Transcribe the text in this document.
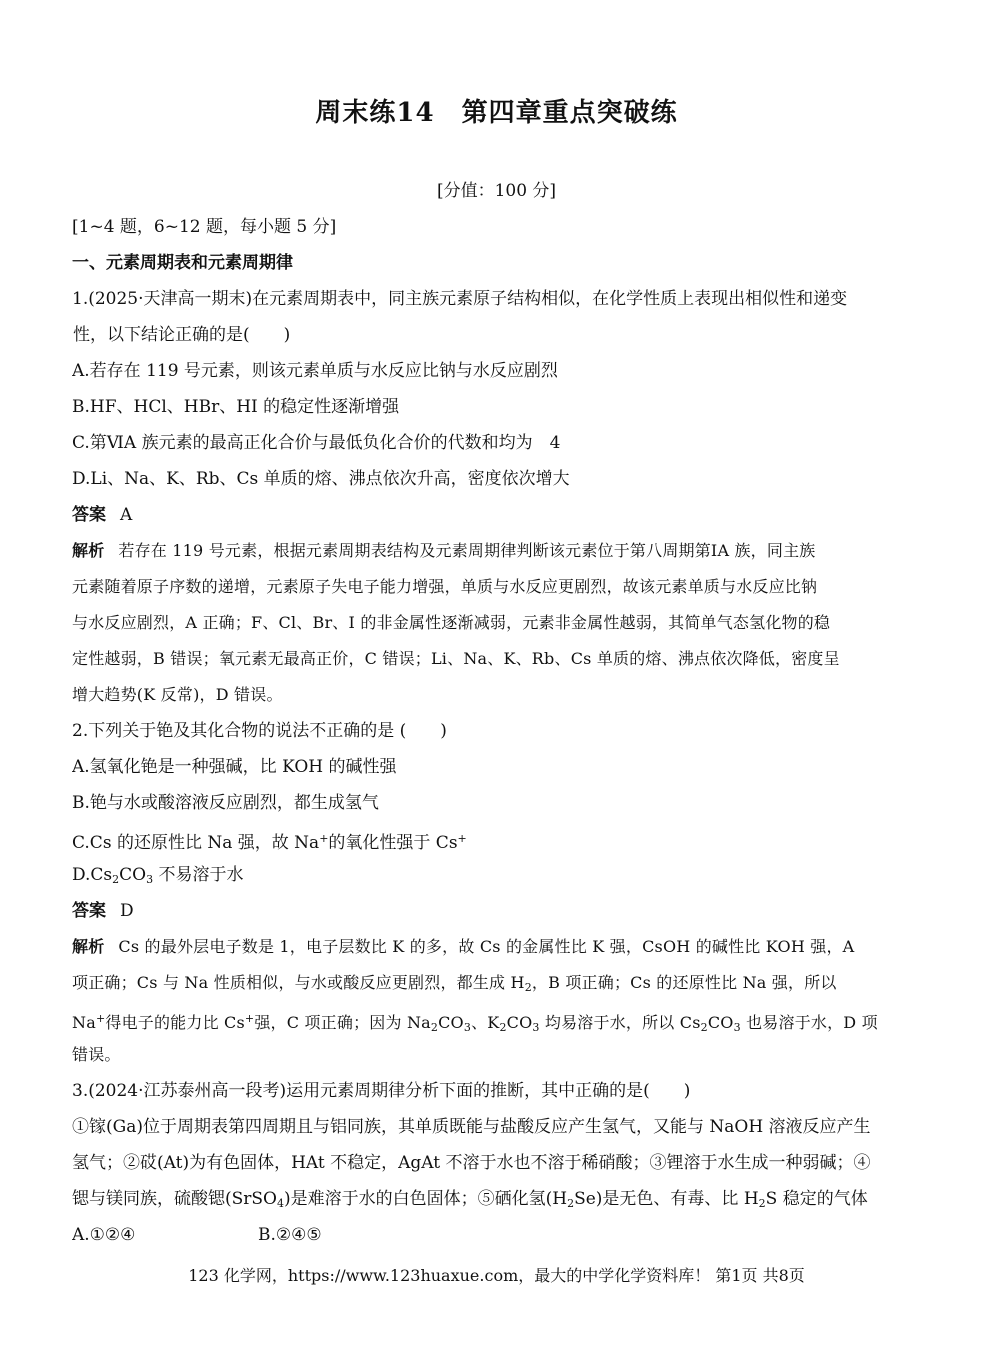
周末练14　第四章重点突破练
[分值：100 分]
[1~4 题，6~12 题，每小题 5 分]
一、元素周期表和元素周期律
1.(2025·天津高一期末)在元素周期表中，同主族元素原子结构相似，在化学性质上表现出相似性和递变
性，以下结论正确的是(　　)
A.若存在 119 号元素，则该元素单质与水反应比钠与水反应剧烈
B.HF、HCl、HBr、HI 的稳定性逐渐增强
C.第ⅥA 族元素的最高正化合价与最低负化合价的代数和均为　4
D.Li、Na、K、Rb、Cs 单质的熔、沸点依次升高，密度依次增大
答案 A
解析 若存在 119 号元素，根据元素周期表结构及元素周期律判断该元素位于第八周期第ⅠA 族，同主族
元素随着原子序数的递增，元素原子失电子能力增强，单质与水反应更剧烈，故该元素单质与水反应比钠
与水反应剧烈，A 正确；F、Cl、Br、I 的非金属性逐渐减弱，元素非金属性越弱，其简单气态氢化物的稳
定性越弱，B 错误；氧元素无最高正价，C 错误；Li、Na、K、Rb、Cs 单质的熔、沸点依次降低，密度呈
增大趋势(K 反常)，D 错误。
2.下列关于铯及其化合物的说法不正确的是 (　　)
A.氢氧化铯是一种强碱，比 KOH 的碱性强
B.铯与水或酸溶液反应剧烈，都生成氢气
C.Cs 的还原性比 Na 强，故 Na+的氧化性强于 Cs+
$D.Cs_2CO_3$ 不易溶于水
答案 D
解析 Cs 的最外层电子数是 1，电子层数比 K 的多，故 Cs 的金属性比 K 强，CsOH 的碱性比 KOH 强，A
项正确；Cs 与 Na 性质相似，与水或酸反应更剧烈，都生成 $H_2$，B 项正确；Cs 的还原性比 Na 强，所以
Na+得电子的能力比 Cs+强，C 项正确；因为 $Na_2CO_3$、$K_2CO_3$ 均易溶于水，所以 $Cs_2CO_3$ 也易溶于水，D 项
错误。
3.(2024·江苏泰州高一段考)运用元素周期律分析下面的推断，其中正确的是(　　)
①镓(Ga)位于周期表第四周期且与铝同族，其单质既能与盐酸反应产生氢气，又能与 NaOH 溶液反应产生
氢气；②砹(At)为有色固体，HAt 不稳定，AgAt 不溶于水也不溶于稀硝酸；③锂溶于水生成一种弱碱；④
锶与镁同族，硫酸锶(SrSO$_4$)是难溶于水的白色固体；⑤硒化氢$(H_2Se)$是无色、有毒、比 $H_2S$ 稳定的气体
A.①②④	B.②④⑤
123 化学网，https://www.123huaxue.com，最大的中学化学资料库！ 第1页 共8页
